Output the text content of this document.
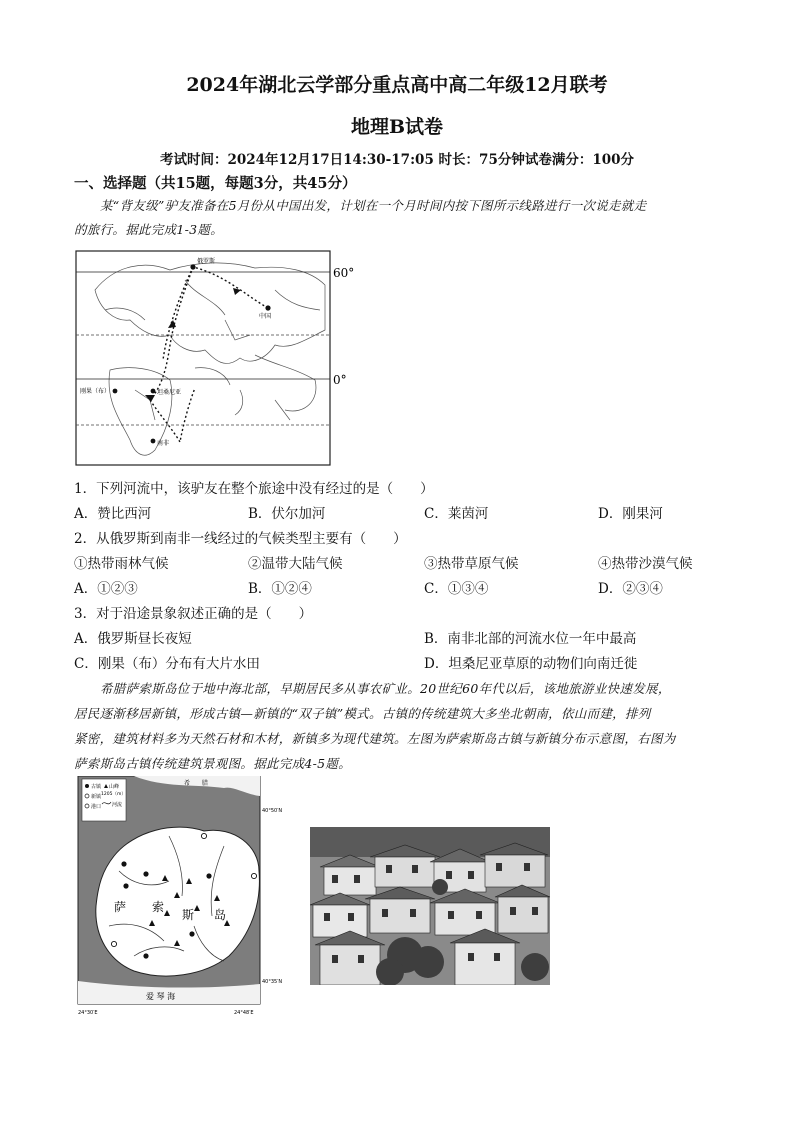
2024年湖北云学部分重点高中高二年级12月联考
地理B试卷
考试时间：2024年12月17日14:30-17:05 时长：75分钟试卷满分：100分
一、选择题（共15题，每题3分，共45分）
某“背友级”驴友准备在5月份从中国出发，计划在一个月时间内按下图所示线路进行一次说走就走
的旅行。据此完成1-3题。
俄罗斯
中国
刚果（布）	坦桑尼亚
南非
60°
0°
1．下列河流中，该驴友在整个旅途中没有经过的是（　　）
A．赞比西河	B．伏尔加河	C．莱茵河	D．刚果河
2．从俄罗斯到南非一线经过的气候类型主要有（　　）
①热带雨林气候	②温带大陆气候	③热带草原气候	④热带沙漠气候
A．①②③	B．①②④	C．①③④	D．②③④
3．对于沿途景象叙述正确的是（　　）
A．俄罗斯昼长夜短	B．南非北部的河流水位一年中最高
C．刚果（布）分布有大片水田	D．坦桑尼亚草原的动物们向南迁徙
希腊萨索斯岛位于地中海北部，早期居民多从事农矿业。20世纪60年代以后，该地旅游业快速发展，
居民逐渐移居新镇，形成古镇—新镇的“双子镇”模式。古镇的传统建筑大多坐北朝南，依山而建，排列
紧密，建筑材料多为天然石材和木材，新镇多为现代建筑。左图为萨索斯岛古镇与新镇分布示意图，右图为
萨索斯岛古镇传统建筑景观图。据此完成4-5题。
希　　腊
萨 索
斯 岛
爱 琴 海
古镇
新镇
港口
山峰
1205（m）
河流
40°50′N
40°35′N
24°30′E	24°48′E
